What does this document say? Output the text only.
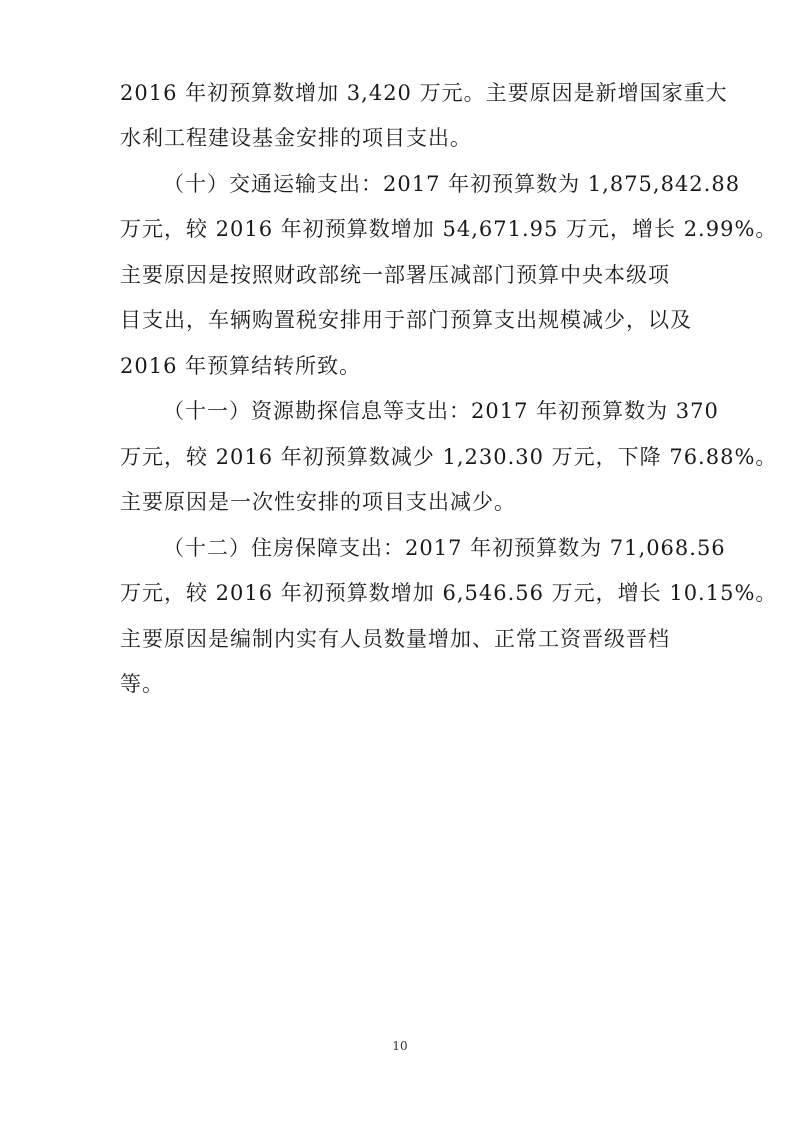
2016 年初预算数增加 3,420 万元。主要原因是新增国家重大
水利工程建设基金安排的项目支出。
（十）交通运输支出：2017 年初预算数为 1,875,842.88
万元，较 2016 年初预算数增加 54,671.95 万元，增长 2.99%。
主要原因是按照财政部统一部署压减部门预算中央本级项
目支出，车辆购置税安排用于部门预算支出规模减少，以及
2016 年预算结转所致。
（十一）资源勘探信息等支出：2017 年初预算数为 370
万元，较 2016 年初预算数减少 1,230.30 万元，下降 76.88%。
主要原因是一次性安排的项目支出减少。
（十二）住房保障支出：2017 年初预算数为 71,068.56
万元，较 2016 年初预算数增加 6,546.56 万元，增长 10.15%。
主要原因是编制内实有人员数量增加、正常工资晋级晋档
等。
10
